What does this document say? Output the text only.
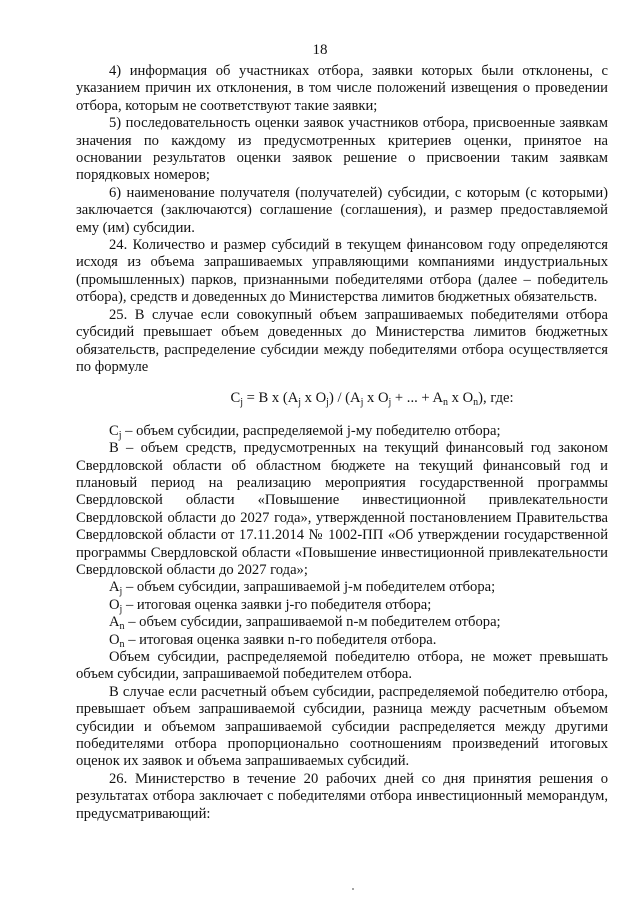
18

4) информация об участниках отбора, заявки которых были отклонены, с указанием причин их отклонения, в том числе положений извещения о проведении отбора, которым не соответствуют такие заявки;

5) последовательность оценки заявок участников отбора, присвоенные заявкам значения по каждому из предусмотренных критериев оценки, принятое на основании результатов оценки заявок решение о присвоении таким заявкам порядковых номеров;

6) наименование получателя (получателей) субсидии, с которым (с которыми) заключается (заключаются) соглашение (соглашения), и размер предоставляемой ему (им) субсидии.

24. Количество и размер субсидий в текущем финансовом году определяются исходя из объема запрашиваемых управляющими компаниями индустриальных (промышленных) парков, признанными победителями отбора (далее – победитель отбора), средств и доведенных до Министерства лимитов бюджетных обязательств.

25. В случае если совокупный объем запрашиваемых победителями отбора субсидий превышает объем доведенных до Министерства лимитов бюджетных обязательств, распределение субсидии между победителями отбора осуществляется по формуле

$C_j = B$ x ($A_j$ x $O_j) / (A_j$ x $O_j$ + ... + $A_n$ x $O_n$), где:

$C_j$ – объем субсидии, распределяемой j-му победителю отбора;

B – объем средств, предусмотренных на текущий финансовый год законом Свердловской области об областном бюджете на текущий финансовый год и плановый период на реализацию мероприятия государственной программы Свердловской области «Повышение инвестиционной привлекательности Свердловской области до 2027 года», утвержденной постановлением Правительства Свердловской области от 17.11.2014 № 1002-ПП «Об утверждении государственной программы Свердловской области «Повышение инвестиционной привлекательности Свердловской области до 2027 года»;

$A_j$ – объем субсидии, запрашиваемой j-м победителем отбора;

$O_j$ – итоговая оценка заявки j-го победителя отбора;

$A_n$ – объем субсидии, запрашиваемой n-м победителем отбора;

$O_n$ – итоговая оценка заявки n-го победителя отбора.

Объем субсидии, распределяемой победителю отбора, не может превышать объем субсидии, запрашиваемой победителем отбора.

В случае если расчетный объем субсидии, распределяемой победителю отбора, превышает объем запрашиваемой субсидии, разница между расчетным объемом субсидии и объемом запрашиваемой субсидии распределяется между другими победителями отбора пропорционально соотношениям произведений итоговых оценок их заявок и объема запрашиваемых субсидий.

26. Министерство в течение 20 рабочих дней со дня принятия решения о результатах отбора заключает с победителями отбора инвестиционный меморандум, предусматривающий:
